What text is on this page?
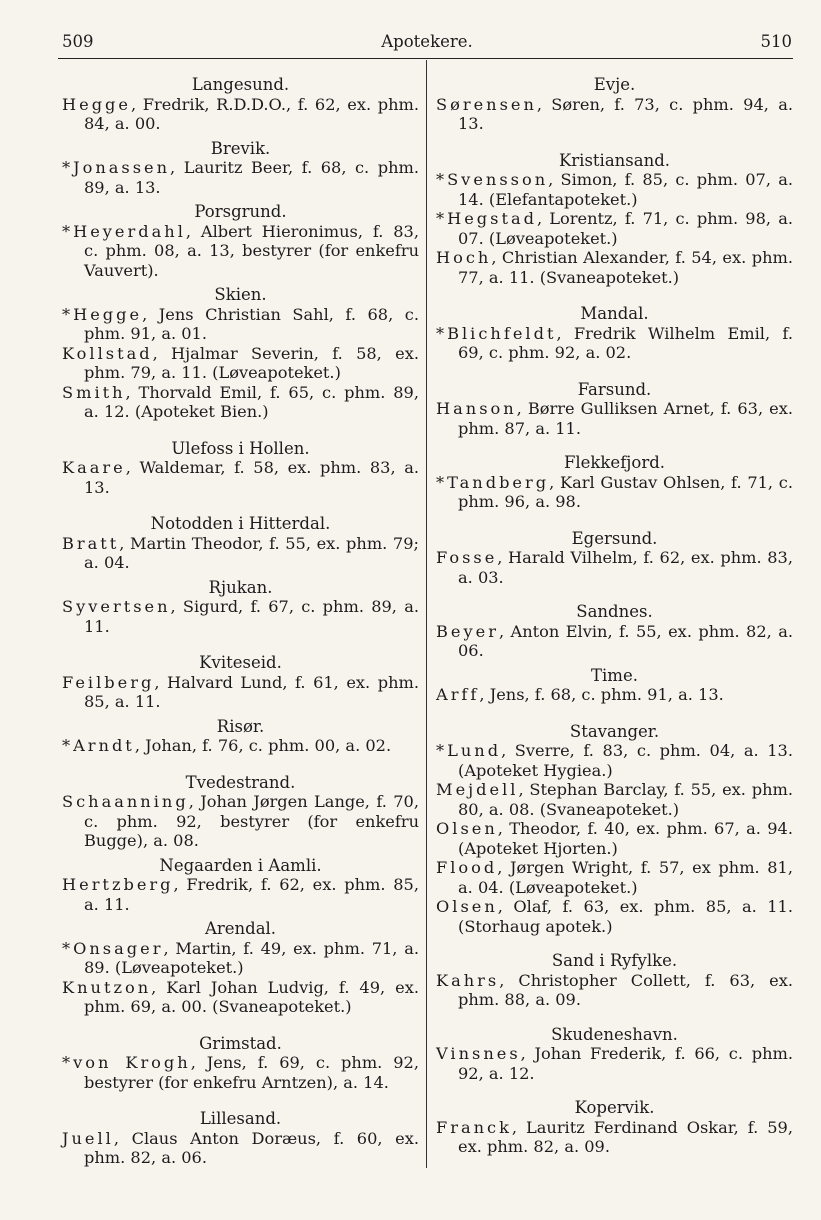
509	Apotekere.	510
Langesund.
Hegge, Fredrik, R.D.D.O., f. 62, ex. phm. 84, a. 00.
Brevik.
*Jonassen, Lauritz Beer, f. 68, c. phm. 89, a. 13.
Porsgrund.
*Heyerdahl, Albert Hieronimus, f. 83, c. phm. 08, a. 13, bestyrer (for enkefru Vauvert).
Skien.
*Hegge, Jens Christian Sahl, f. 68, c. phm. 91, a. 01.
Kollstad, Hjalmar Severin, f. 58, ex. phm. 79, a. 11. (Løveapoteket.)
Smith, Thorvald Emil, f. 65, c. phm. 89, a. 12. (Apoteket Bien.)
Ulefoss i Hollen.
Kaare, Waldemar, f. 58, ex. phm. 83, a. 13.
Notodden i Hitterdal.
Bratt, Martin Theodor, f. 55, ex. phm. 79; a. 04.
Rjukan.
Syvertsen, Sigurd, f. 67, c. phm. 89, a. 11.
Kviteseid.
Feilberg, Halvard Lund, f. 61, ex. phm. 85, a. 11.
Risør.
*Arndt, Johan, f. 76, c. phm. 00, a. 02.
Tvedestrand.
Schaanning, Johan Jørgen Lange, f. 70, c. phm. 92, bestyrer (for enkefru Bugge), a. 08.
Negaarden i Aamli.
Hertzberg, Fredrik, f. 62, ex. phm. 85, a. 11.
Arendal.
*Onsager, Martin, f. 49, ex. phm. 71, a. 89. (Løveapoteket.)
Knutzon, Karl Johan Ludvig, f. 49, ex. phm. 69, a. 00. (Svaneapoteket.)
Grimstad.
*von Krogh, Jens, f. 69, c. phm. 92, bestyrer (for enkefru Arntzen), a. 14.
Lillesand.
Juell, Claus Anton Doræus, f. 60, ex. phm. 82, a. 06.
Evje.
Sørensen, Søren, f. 73, c. phm. 94, a. 13.
Kristiansand.
*Svensson, Simon, f. 85, c. phm. 07, a. 14. (Elefantapoteket.)
*Hegstad, Lorentz, f. 71, c. phm. 98, a. 07. (Løveapoteket.)
Hoch, Christian Alexander, f. 54, ex. phm. 77, a. 11. (Svaneapoteket.)
Mandal.
*Blichfeldt, Fredrik Wilhelm Emil, f. 69, c. phm. 92, a. 02.
Farsund.
Hanson, Børre Gulliksen Arnet, f. 63, ex. phm. 87, a. 11.
Flekkefjord.
*Tandberg, Karl Gustav Ohlsen, f. 71, c. phm. 96, a. 98.
Egersund.
Fosse, Harald Vilhelm, f. 62, ex. phm. 83, a. 03.
Sandnes.
Beyer, Anton Elvin, f. 55, ex. phm. 82, a. 06.
Time.
Arff, Jens, f. 68, c. phm. 91, a. 13.
Stavanger.
*Lund, Sverre, f. 83, c. phm. 04, a. 13. (Apoteket Hygiea.)
Mejdell, Stephan Barclay, f. 55, ex. phm. 80, a. 08. (Svaneapoteket.)
Olsen, Theodor, f. 40, ex. phm. 67, a. 94. (Apoteket Hjorten.)
Flood, Jørgen Wright, f. 57, ex phm. 81, a. 04. (Løveapoteket.)
Olsen, Olaf, f. 63, ex. phm. 85, a. 11. (Storhaug apotek.)
Sand i Ryfylke.
Kahrs, Christopher Collett, f. 63, ex. phm. 88, a. 09.
Skudeneshavn.
Vinsnes, Johan Frederik, f. 66, c. phm. 92, a. 12.
Kopervik.
Franck, Lauritz Ferdinand Oskar, f. 59, ex. phm. 82, a. 09.
